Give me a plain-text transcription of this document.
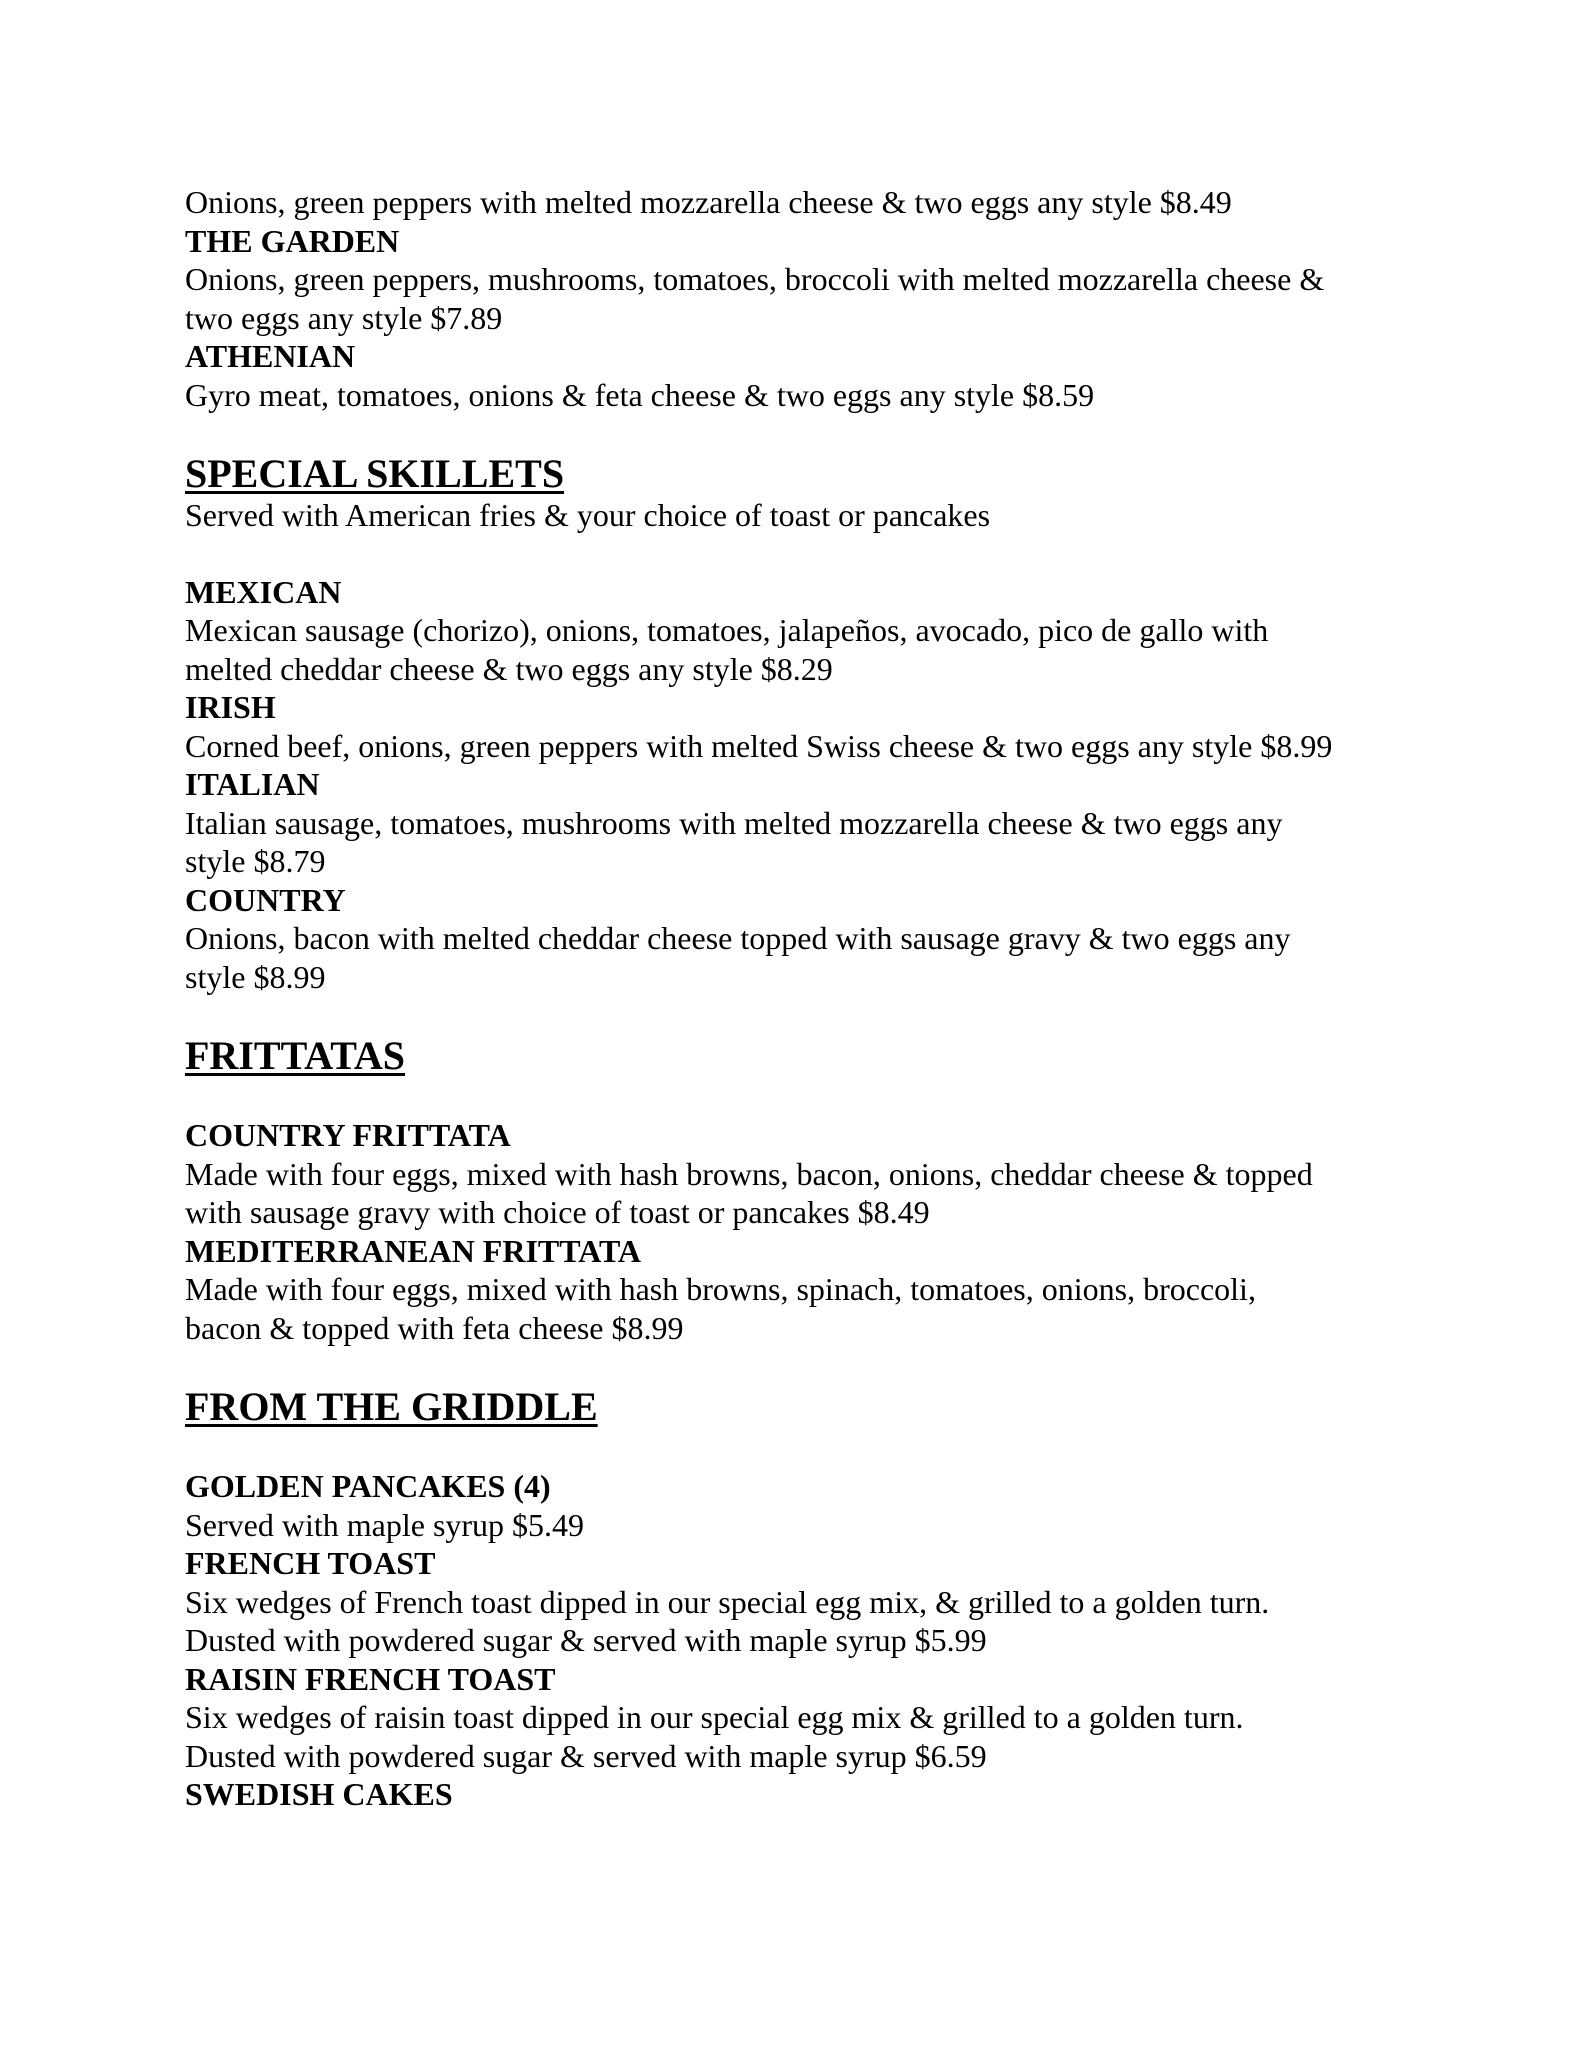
Onions, green peppers with melted mozzarella cheese & two eggs any style $8.49
THE GARDEN
Onions, green peppers, mushrooms, tomatoes, broccoli with melted mozzarella cheese &
two eggs any style $7.89
ATHENIAN
Gyro meat, tomatoes, onions & feta cheese & two eggs any style $8.59
SPECIAL SKILLETS
Served with American fries & your choice of toast or pancakes
MEXICAN
Mexican sausage (chorizo), onions, tomatoes, jalapeños, avocado, pico de gallo with
melted cheddar cheese & two eggs any style $8.29
IRISH
Corned beef, onions, green peppers with melted Swiss cheese & two eggs any style $8.99
ITALIAN
Italian sausage, tomatoes, mushrooms with melted mozzarella cheese & two eggs any
style $8.79
COUNTRY
Onions, bacon with melted cheddar cheese topped with sausage gravy & two eggs any
style $8.99
FRITTATAS
COUNTRY FRITTATA
Made with four eggs, mixed with hash browns, bacon, onions, cheddar cheese & topped
with sausage gravy with choice of toast or pancakes $8.49
MEDITERRANEAN FRITTATA
Made with four eggs, mixed with hash browns, spinach, tomatoes, onions, broccoli,
bacon & topped with feta cheese $8.99
FROM THE GRIDDLE
GOLDEN PANCAKES (4)
Served with maple syrup $5.49
FRENCH TOAST
Six wedges of French toast dipped in our special egg mix, & grilled to a golden turn.
Dusted with powdered sugar & served with maple syrup $5.99
RAISIN FRENCH TOAST
Six wedges of raisin toast dipped in our special egg mix & grilled to a golden turn.
Dusted with powdered sugar & served with maple syrup $6.59
SWEDISH CAKES
